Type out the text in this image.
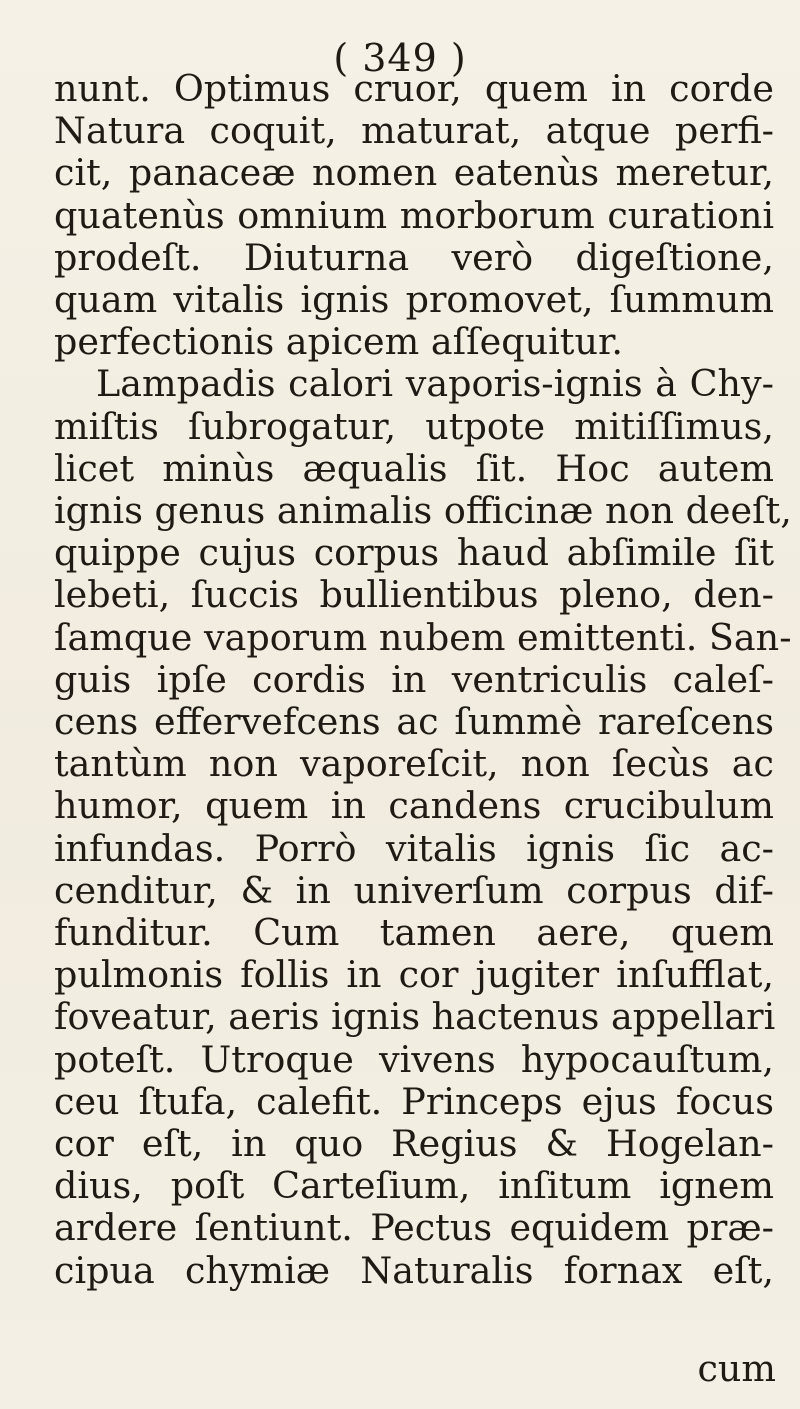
( 349 )
nunt. Optimus cruor, quem in corde
Natura coquit, maturat, atque perfi-
cit, panaceæ nomen eatenùs meretur,
quatenùs omnium morborum curationi
prodeſt. Diuturna verò digeſtione,
quam vitalis ignis promovet, ſummum
perfectionis apicem aſſequitur.
Lampadis calori vaporis-ignis à Chy-
miſtis ſubrogatur, utpote mitiſſimus,
licet minùs æqualis ſit. Hoc autem
ignis genus animalis officinæ non deeſt,
quippe cujus corpus haud abſimile ſit
lebeti, ſuccis bullientibus pleno, den-
ſamque vaporum nubem emittenti. San-
guis ipſe cordis in ventriculis caleſ-
cens effervefcens ac ſummè rareſcens
tantùm non vaporeſcit, non ſecùs ac
humor, quem in candens crucibulum
infundas. Porrò vitalis ignis ſic ac-
cenditur, & in univerſum corpus dif-
funditur. Cum tamen aere, quem
pulmonis follis in cor jugiter inſufflat,
foveatur, aeris ignis hactenus appellari
poteſt. Utroque vivens hypocauſtum,
ceu ſtufa, calefit. Princeps ejus focus
cor eſt, in quo Regius & Hogelan-
dius, poſt Carteſium, inſitum ignem
ardere ſentiunt. Pectus equidem præ-
cipua chymiæ Naturalis fornax eſt,
cum
